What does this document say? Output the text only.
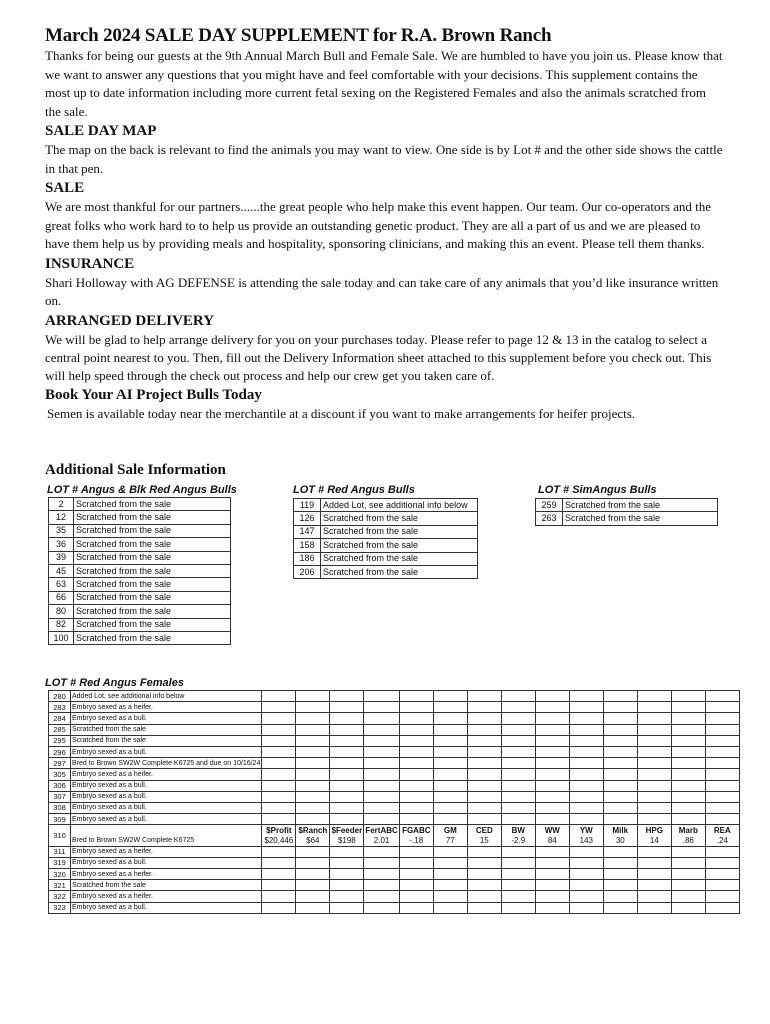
March 2024 SALE DAY SUPPLEMENT for R.A. Brown Ranch

Thanks for being our guests at the 9th Annual March Bull and Female Sale. We are humbled to have you join us. Please know that we want to answer any questions that you might have and feel comfortable with your decisions. This supplement contains the most up to date information including more current fetal sexing on the Registered Females and also the animals scratched from the sale.

SALE DAY MAP

The map on the back is relevant to find the animals you may want to view. One side is by Lot # and the other side shows the cattle in that pen.

SALE

We are most thankful for our partners......the great people who help make this event happen. Our team. Our co-operators and the great folks who work hard to to help us provide an outstanding genetic product. They are all a part of us and we are pleased to have them help us by providing meals and hospitality, sponsoring clinicians, and making this an event. Please tell them thanks.

INSURANCE

Shari Holloway with AG DEFENSE is attending the sale today and can take care of any animals that you’d like insurance written on.

ARRANGED DELIVERY

We will be glad to help arrange delivery for you on your purchases today. Please refer to page 12 & 13 in the catalog to select a central point nearest to you. Then, fill out the Delivery Information sheet attached to this supplement before you check out. This will help speed through the check out process and help our crew get you taken care of.

Book Your AI Project Bulls Today

Semen is available today near the merchantile at a discount if you want to make arrangements for heifer projects.

Additional Sale Information

LOT # Angus & Blk Red Angus Bulls

2	Scratched from the sale
12	Scratched from the sale
35	Scratched from the sale
36	Scratched from the sale
39	Scratched from the sale
45	Scratched from the sale
63	Scratched from the sale
66	Scratched from the sale
80	Scratched from the sale
82	Scratched from the sale
100	Scratched from the sale

LOT # Red Angus Bulls

119	Added Lot, see additional info below
126	Scratched from the sale
147	Scratched from the sale
158	Scratched from the sale
186	Scratched from the sale
206	Scratched from the sale

LOT # SimAngus Bulls

259	Scratched from the sale
263	Scratched from the sale

LOT # Red Angus Females

280	Added Lot, see additional info below														
283	Embryo sexed as a heifer.														
284	Embryo sexed as a bull.														
285	Scratched from the sale														
295	Scratched from the sale														
296	Embryo sexed as a bull.														
297	Bred to Brown SW2W Complete K6725 and due on 10/16/24														
305	Embryo sexed as a heifer.														
306	Embryo sexed as a bull.														
307	Embryo sexed as a bull.														
308	Embryo sexed as a bull.														
309	Embryo sexed as a bull.														
310		$Profit	$Ranch	$Feeder	FertABC	FGABC	GM	CED	BW	WW	YW	Milk	HPG	Marb	REA
	Bred to Brown SW2W Complete K6725	$20,446	$64	$198	2.01	-.18	77	15	-2.9	84	143	30	14	.86	.24
311	Embryo sexed as a heifer.														
319	Embryo sexed as a bull.														
320	Embryo sexed as a heifer.														
321	Scratched from the sale														
322	Embryo sexed as a heifer.														
323	Embryo sexed as a bull.														
